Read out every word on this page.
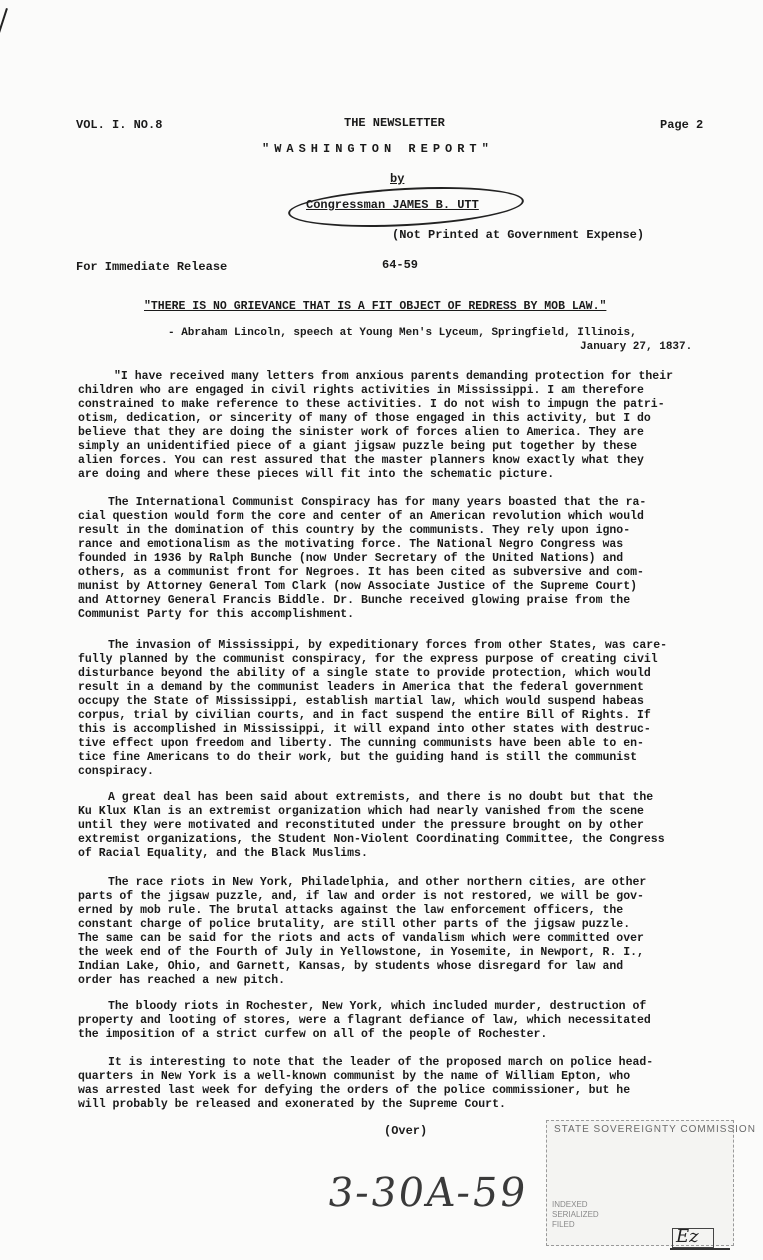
VOL. I. NO.8	THE NEWSLETTER	Page 2
"WASHINGTON REPORT"
by
Congressman JAMES B. UTT
(Not Printed at Government Expense)
For Immediate Release	64-59
"THERE IS NO GRIEVANCE THAT IS A FIT OBJECT OF REDRESS BY MOB LAW."
- Abraham Lincoln, speech at Young Men's Lyceum, Springfield, Illinois,
January 27, 1837.
"I have received many letters from anxious parents demanding protection for their
children who are engaged in civil rights activities in Mississippi. I am therefore
constrained to make reference to these activities. I do not wish to impugn the patri-
otism, dedication, or sincerity of many of those engaged in this activity, but I do
believe that they are doing the sinister work of forces alien to America. They are
simply an unidentified piece of a giant jigsaw puzzle being put together by these
alien forces. You can rest assured that the master planners know exactly what they
are doing and where these pieces will fit into the schematic picture.
The International Communist Conspiracy has for many years boasted that the ra-
cial question would form the core and center of an American revolution which would
result in the domination of this country by the communists. They rely upon igno-
rance and emotionalism as the motivating force. The National Negro Congress was
founded in 1936 by Ralph Bunche (now Under Secretary of the United Nations) and
others, as a communist front for Negroes. It has been cited as subversive and com-
munist by Attorney General Tom Clark (now Associate Justice of the Supreme Court)
and Attorney General Francis Biddle. Dr. Bunche received glowing praise from the
Communist Party for this accomplishment.
The invasion of Mississippi, by expeditionary forces from other States, was care-
fully planned by the communist conspiracy, for the express purpose of creating civil
disturbance beyond the ability of a single state to provide protection, which would
result in a demand by the communist leaders in America that the federal government
occupy the State of Mississippi, establish martial law, which would suspend habeas
corpus, trial by civilian courts, and in fact suspend the entire Bill of Rights. If
this is accomplished in Mississippi, it will expand into other states with destruc-
tive effect upon freedom and liberty. The cunning communists have been able to en-
tice fine Americans to do their work, but the guiding hand is still the communist
conspiracy.
A great deal has been said about extremists, and there is no doubt but that the
Ku Klux Klan is an extremist organization which had nearly vanished from the scene
until they were motivated and reconstituted under the pressure brought on by other
extremist organizations, the Student Non-Violent Coordinating Committee, the Congress
of Racial Equality, and the Black Muslims.
The race riots in New York, Philadelphia, and other northern cities, are other
parts of the jigsaw puzzle, and, if law and order is not restored, we will be gov-
erned by mob rule. The brutal attacks against the law enforcement officers, the
constant charge of police brutality, are still other parts of the jigsaw puzzle.
The same can be said for the riots and acts of vandalism which were committed over
the week end of the Fourth of July in Yellowstone, in Yosemite, in Newport, R. I.,
Indian Lake, Ohio, and Garnett, Kansas, by students whose disregard for law and
order has reached a new pitch.
The bloody riots in Rochester, New York, which included murder, destruction of
property and looting of stores, were a flagrant defiance of law, which necessitated
the imposition of a strict curfew on all of the people of Rochester.
It is interesting to note that the leader of the proposed march on police head-
quarters in New York is a well-known communist by the name of William Epton, who
was arrested last week for defying the orders of the police commissioner, but he
will probably be released and exonerated by the Supreme Court.
(Over)
3-30A-59
STATE SOVEREIGNTY COMMISSION
INDEXED
SERIALIZED
FILED
Ez
